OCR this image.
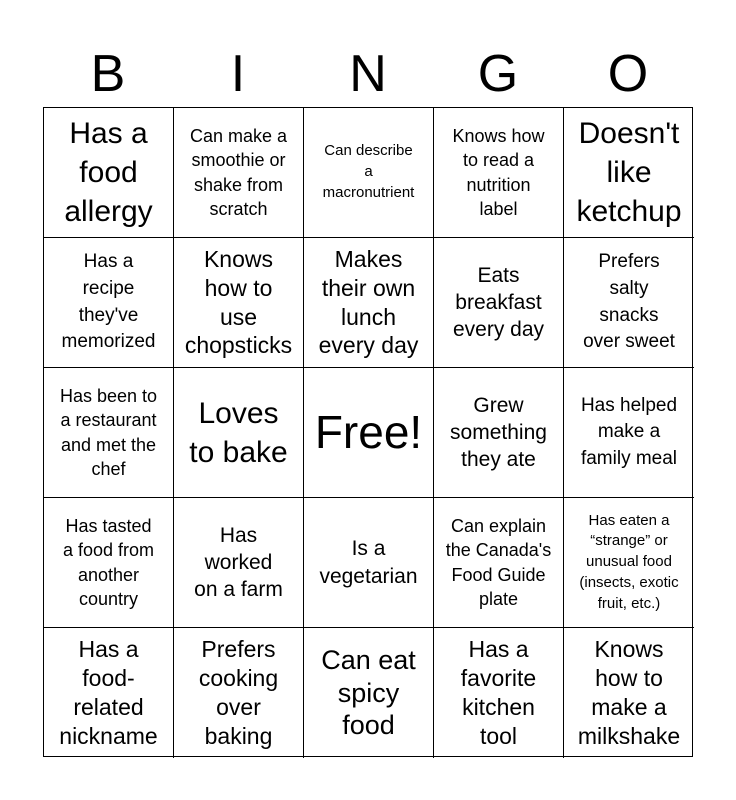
B	I	N	G	O
Has a
food
allergy
Can make a
smoothie or
shake from
scratch
Can describe
a
macronutrient
Knows how
to read a
nutrition
label
Doesn't
like
ketchup
Has a
recipe
they've
memorized
Knows
how to
use
chopsticks
Makes
their own
lunch
every day
Eats
breakfast
every day
Prefers
salty
snacks
over sweet
Has been to
a restaurant
and met the
chef
Loves
to bake Free!
Grew
something
they ate
Has helped
make a
family meal
Has tasted
a food from
another
country
Has
worked
on a farm
Is a
vegetarian
Can explain
the Canada's
Food Guide
plate
Has eaten a
“strange” or
unusual food
(insects, exotic
fruit, etc.)
Has a
food-
related
nickname
Prefers
cooking
over
baking
Can eat
spicy
food
Has a
favorite
kitchen
tool
Knows
how to
make a
milkshake
